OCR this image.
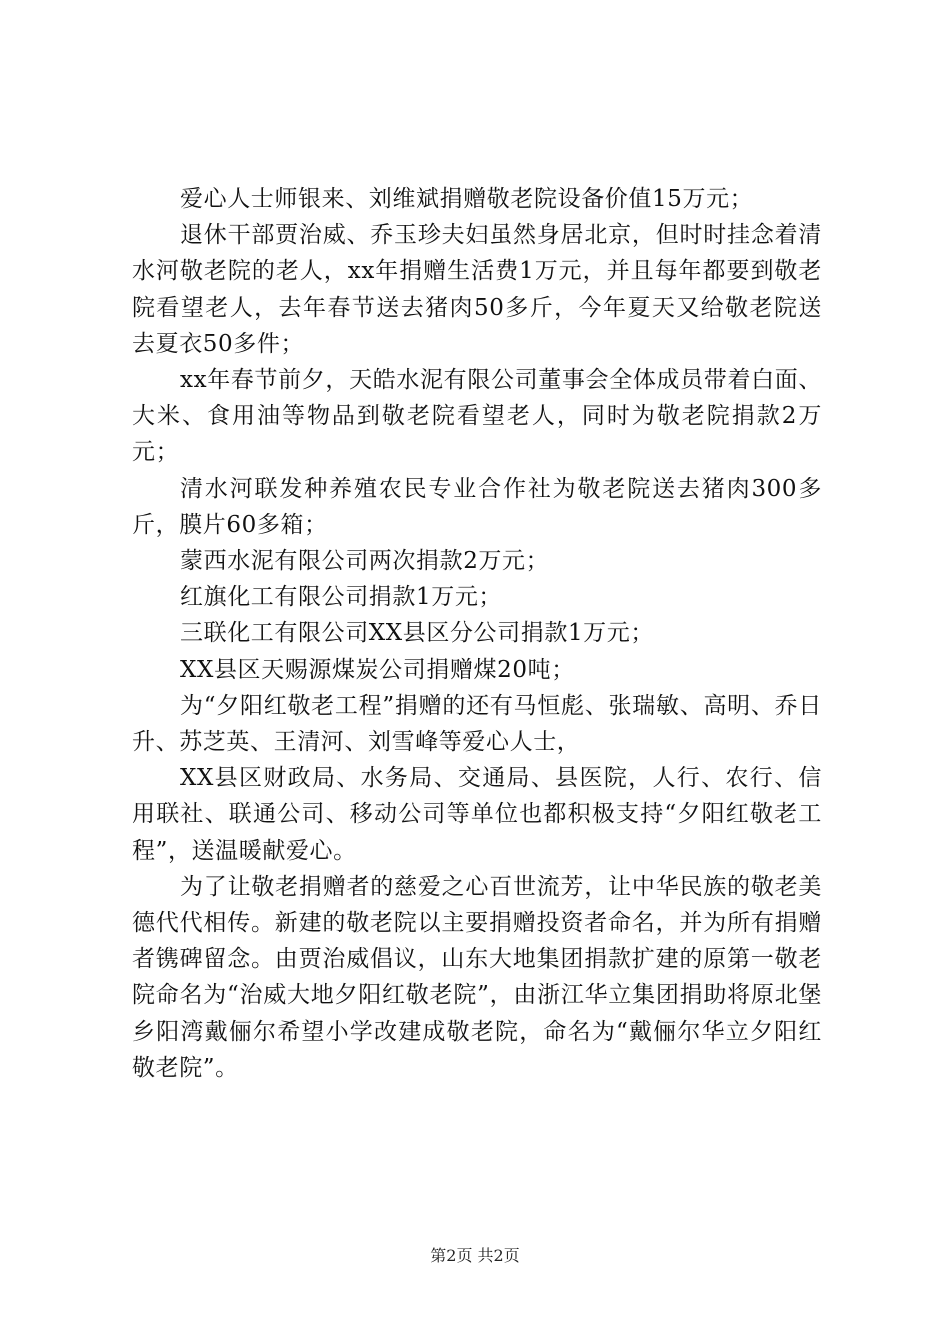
爱心人士师银来、刘维斌捐赠敬老院设备价值15万元；

退休干部贾治威、乔玉珍夫妇虽然身居北京，但时时挂念着清水河敬老院的老人，xx年捐赠生活费1万元，并且每年都要到敬老院看望老人，去年春节送去猪肉50多斤，今年夏天又给敬老院送去夏衣50多件；

xx年春节前夕，天皓水泥有限公司董事会全体成员带着白面、大米、食用油等物品到敬老院看望老人，同时为敬老院捐款2万元；

清水河联发种养殖农民专业合作社为敬老院送去猪肉300多斤，膜片60多箱；

蒙西水泥有限公司两次捐款2万元；

红旗化工有限公司捐款1万元；

三联化工有限公司XX县区分公司捐款1万元；

XX县区天赐源煤炭公司捐赠煤20吨；

为“夕阳红敬老工程”捐赠的还有马恒彪、张瑞敏、高明、乔日升、苏芝英、王清河、刘雪峰等爱心人士，

XX县区财政局、水务局、交通局、县医院，人行、农行、信用联社、联通公司、移动公司等单位也都积极支持“夕阳红敬老工程”，送温暖献爱心。

为了让敬老捐赠者的慈爱之心百世流芳，让中华民族的敬老美德代代相传。新建的敬老院以主要捐赠投资者命名，并为所有捐赠者镌碑留念。由贾治威倡议，山东大地集团捐款扩建的原第一敬老院命名为“治威大地夕阳红敬老院”，由浙江华立集团捐助将原北堡乡阳湾戴俪尔希望小学改建成敬老院，命名为“戴俪尔华立夕阳红敬老院”。

第2页 共2页
